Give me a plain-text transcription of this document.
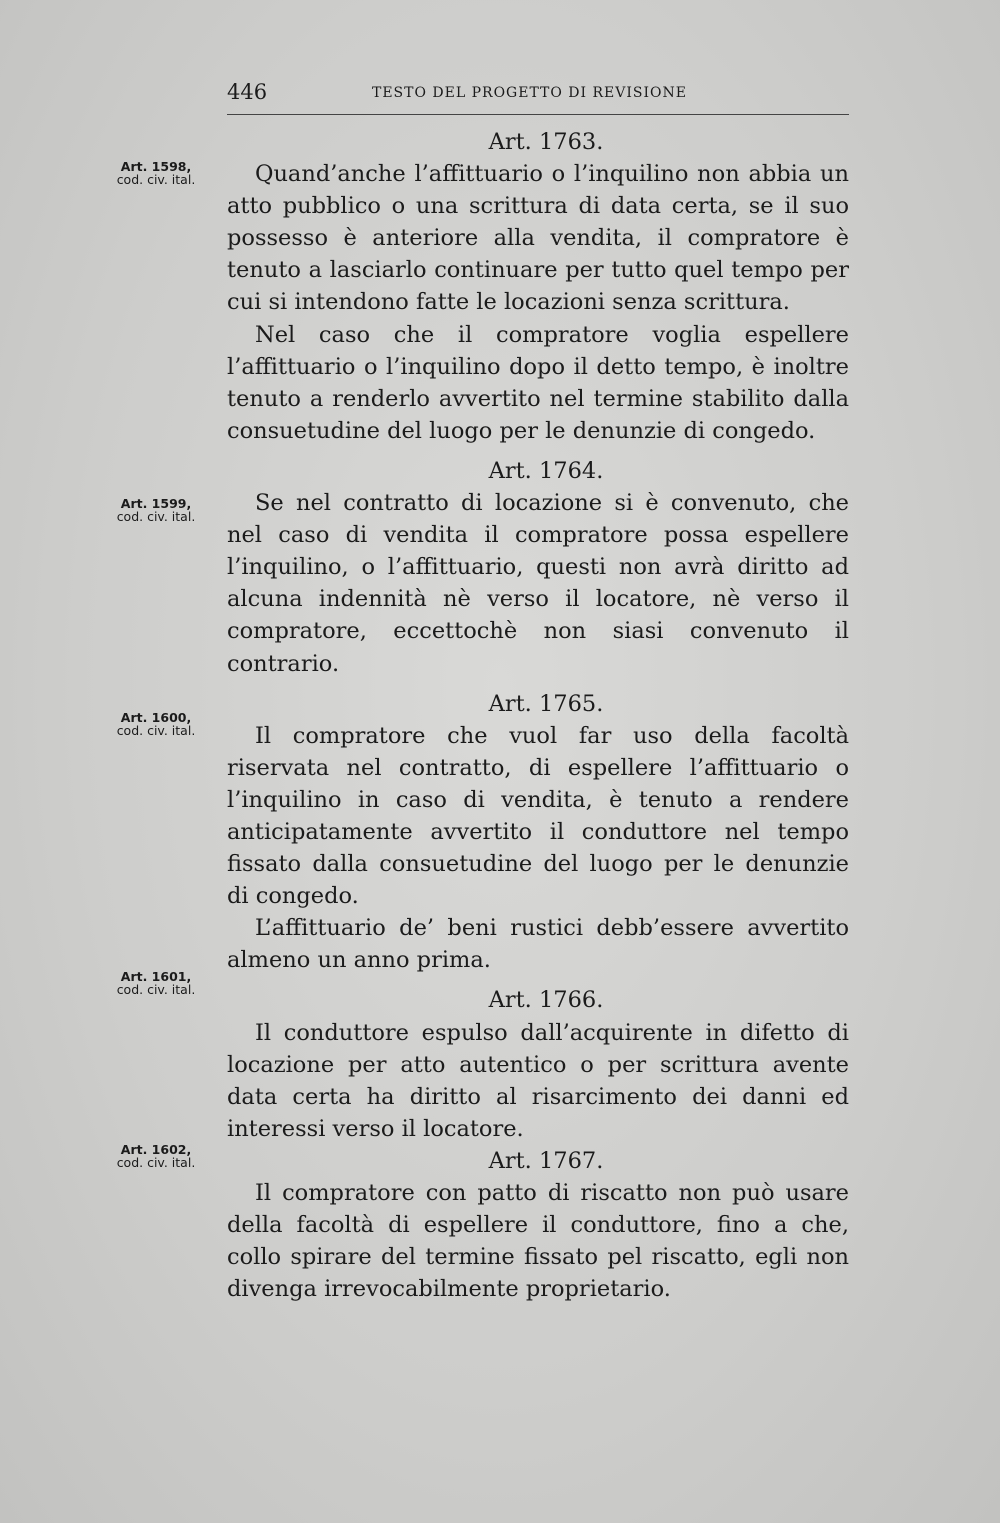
446	TESTO DEL PROGETTO DI REVISIONE
Art. 1598,
cod. civ. ital.
Art. 1599,
cod. civ. ital.
Art. 1600,
cod. civ. ital.
Art. 1601,
cod. civ. ital.
Art. 1602,
cod. civ. ital.

Art. 1763.

Quand’anche l’affittuario o l’inquilino non abbia un atto pubblico o una scrittura di data certa, se il suo possesso è anteriore alla vendita, il compratore è tenuto a lasciarlo continuare per tutto quel tempo per cui si intendono fatte le locazioni senza scrittura.

Nel caso che il compratore voglia espellere l’affittuario o l’inquilino dopo il detto tempo, è inoltre tenuto a renderlo avvertito nel termine stabilito dalla consuetudine del luogo per le denunzie di congedo.

Art. 1764.

Se nel contratto di locazione si è convenuto, che nel caso di vendita il compratore possa espellere l’inquilino, o l’affittuario, questi non avrà diritto ad alcuna indennità nè verso il locatore, nè verso il compratore, eccettochè non siasi convenuto il contrario.

Art. 1765.

Il compratore che vuol far uso della facoltà riservata nel contratto, di espellere l’affittuario o l’inquilino in caso di vendita, è tenuto a rendere anticipatamente avvertito il conduttore nel tempo fissato dalla consuetudine del luogo per le denunzie di congedo.

L’affittuario de’ beni rustici debb’essere avvertito almeno un anno prima.

Art. 1766.

Il conduttore espulso dall’acquirente in difetto di locazione per atto autentico o per scrittura avente data certa ha diritto al risarcimento dei danni ed interessi verso il locatore.

Art. 1767.

Il compratore con patto di riscatto non può usare della facoltà di espellere il conduttore, fino a che, collo spirare del termine fissato pel riscatto, egli non divenga irrevocabilmente proprietario.
